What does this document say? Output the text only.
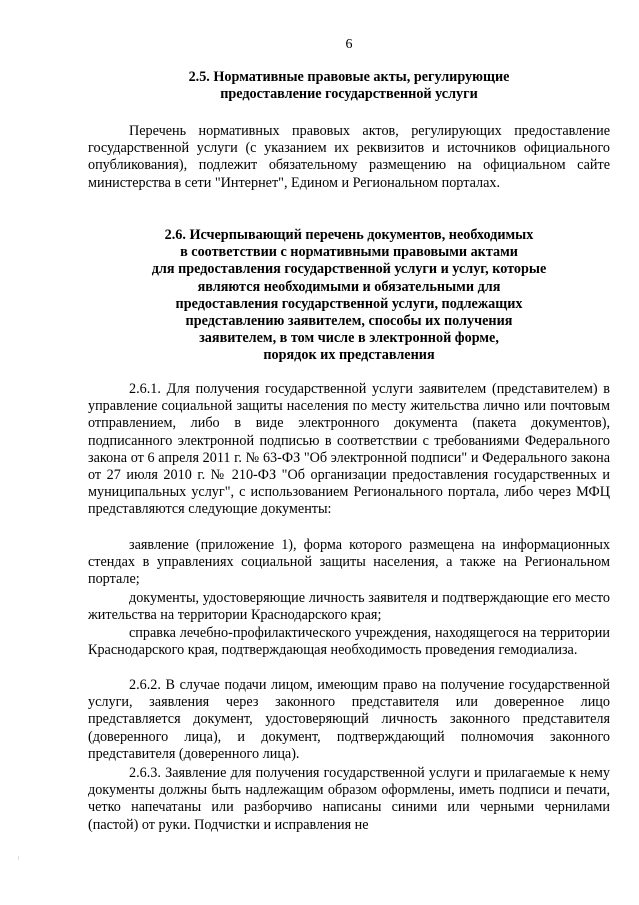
6
2.5. Нормативные правовые акты, регулирующие
предоставление государственной услуги

Перечень нормативных правовых актов, регулирующих предоставление государственной услуги (с указанием их реквизитов и источников официального опубликования), подлежит обязательному размещению на официальном сайте министерства в сети "Интернет", Едином и Региональном порталах.

2.6. Исчерпывающий перечень документов, необходимых
в соответствии с нормативными правовыми актами
для предоставления государственной услуги и услуг, которые
являются необходимыми и обязательными для
предоставления государственной услуги, подлежащих
представлению заявителем, способы их получения
заявителем, в том числе в электронной форме,
порядок их представления

2.6.1. Для получения государственной услуги заявителем (представителем) в управление социальной защиты населения по месту жительства лично или почтовым отправлением, либо в виде электронного документа (пакета документов), подписанного электронной подписью в соответствии с требованиями Федерального закона от 6 апреля 2011 г. № 63-ФЗ "Об электронной подписи" и Федерального закона от 27 июля 2010 г. № 210-ФЗ "Об организации предоставления государственных и муниципальных услуг", с использованием Регионального портала, либо через МФЦ представляются следующие документы:

заявление (приложение 1), форма которого размещена на информационных стендах в управлениях социальной защиты населения, а также на Региональном портале;

документы, удостоверяющие личность заявителя и подтверждающие его место жительства на территории Краснодарского края;

справка лечебно-профилактического учреждения, находящегося на территории Краснодарского края, подтверждающая необходимость проведения гемодиализа.

2.6.2. В случае подачи лицом, имеющим право на получение государственной услуги, заявления через законного представителя или доверенное лицо представляется документ, удостоверяющий личность законного представителя (доверенного лица), и документ, подтверждающий полномочия законного представителя (доверенного лица).

2.6.3. Заявление для получения государственной услуги и прилагаемые к нему документы должны быть надлежащим образом оформлены, иметь подписи и печати, четко напечатаны или разборчиво написаны синими или черными чернилами (пастой) от руки. Подчистки и исправления не
